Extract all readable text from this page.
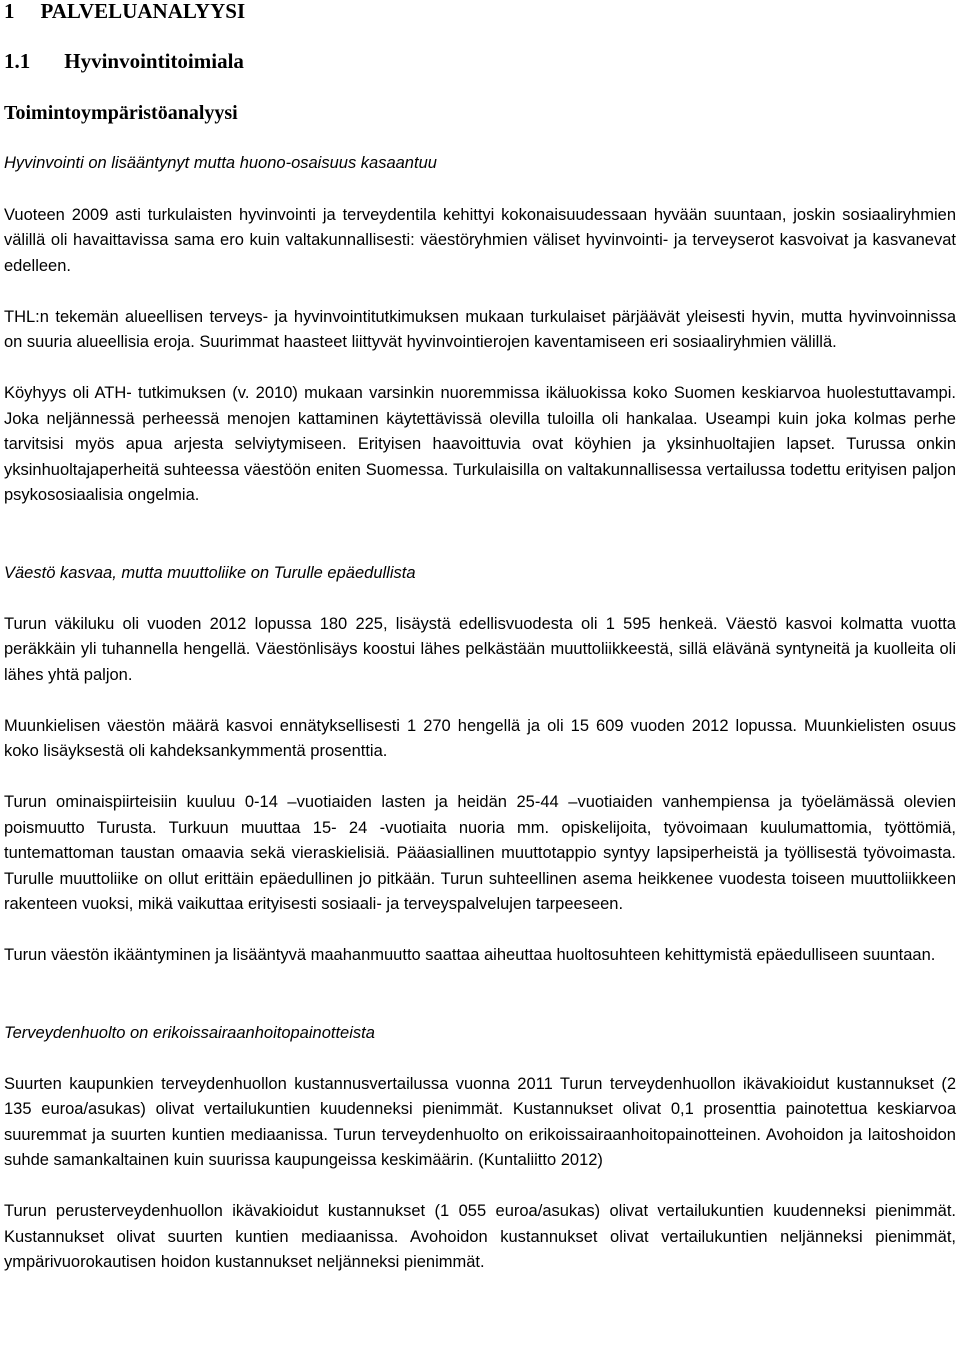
1 PALVELUANALYYSI
1.1 Hyvinvointitoimiala
Toimintoympäristöanalyysi
Hyvinvointi on lisääntynyt mutta huono-osaisuus kasaantuu

Vuoteen 2009 asti turkulaisten hyvinvointi ja terveydentila kehittyi kokonaisuudessaan hyvään suuntaan, joskin sosiaaliryhmien välillä oli havaittavissa sama ero kuin valtakunnallisesti: väestöryhmien väliset hyvinvointi- ja terveyserot kasvoivat ja kasvanevat edelleen.

THL:n tekemän alueellisen terveys- ja hyvinvointitutkimuksen mukaan turkulaiset pärjäävät yleisesti hyvin, mutta hyvinvoinnissa on suuria alueellisia eroja. Suurimmat haasteet liittyvät hyvinvointierojen kaventamiseen eri sosiaaliryhmien välillä.

Köyhyys oli ATH- tutkimuksen (v. 2010) mukaan varsinkin nuoremmissa ikäluokissa koko Suomen keskiarvoa huolestuttavampi. Joka neljännessä perheessä menojen kattaminen käytettävissä olevilla tuloilla oli hankalaa. Useampi kuin joka kolmas perhe tarvitsisi myös apua arjesta selviytymiseen. Erityisen haavoittuvia ovat köyhien ja yksinhuoltajien lapset. Turussa onkin yksinhuoltajaperheitä suhteessa väestöön eniten Suomessa. Turkulaisilla on valtakunnallisessa vertailussa todettu erityisen paljon psykososiaalisia ongelmia.

Väestö kasvaa, mutta muuttoliike on Turulle epäedullista

Turun väkiluku oli vuoden 2012 lopussa 180 225, lisäystä edellisvuodesta oli 1 595 henkeä. Väestö kasvoi kolmatta vuotta peräkkäin yli tuhannella hengellä. Väestönlisäys koostui lähes pelkästään muuttoliikkeestä, sillä elävänä syntyneitä ja kuolleita oli lähes yhtä paljon.

Muunkielisen väestön määrä kasvoi ennätyksellisesti 1 270 hengellä ja oli 15 609 vuoden 2012 lopussa. Muunkielisten osuus koko lisäyksestä oli kahdeksankymmentä prosenttia.

Turun ominaispiirteisiin kuuluu 0-14 –vuotiaiden lasten ja heidän 25-44 –vuotiaiden vanhempiensa ja työelämässä olevien poismuutto Turusta. Turkuun muuttaa 15- 24 -vuotiaita nuoria mm. opiskelijoita, työvoimaan kuulumattomia, työttömiä, tuntemattoman taustan omaavia sekä vieraskielisiä. Pääasiallinen muuttotappio syntyy lapsiperheistä ja työllisestä työvoimasta. Turulle muuttoliike on ollut erittäin epäedullinen jo pitkään. Turun suhteellinen asema heikkenee vuodesta toiseen muuttoliikkeen rakenteen vuoksi, mikä vaikuttaa erityisesti sosiaali- ja terveyspalvelujen tarpeeseen.

Turun väestön ikääntyminen ja lisääntyvä maahanmuutto saattaa aiheuttaa huoltosuhteen kehittymistä epäedulliseen suuntaan.

Terveydenhuolto on erikoissairaanhoitopainotteista

Suurten kaupunkien terveydenhuollon kustannusvertailussa vuonna 2011 Turun terveydenhuollon ikävakioidut kustannukset (2 135 euroa/asukas) olivat vertailukuntien kuudenneksi pienimmät. Kustannukset olivat 0,1 prosenttia painotettua keskiarvoa suuremmat ja suurten kuntien mediaanissa. Turun terveydenhuolto on erikoissairaanhoitopainotteinen. Avohoidon ja laitoshoidon suhde samankaltainen kuin suurissa kaupungeissa keskimäärin. (Kuntaliitto 2012)

Turun perusterveydenhuollon ikävakioidut kustannukset (1 055 euroa/asukas) olivat vertailukuntien kuudenneksi pienimmät. Kustannukset olivat suurten kuntien mediaanissa. Avohoidon kustannukset olivat vertailukuntien neljänneksi pienimmät, ympärivuorokautisen hoidon kustannukset neljänneksi pienimmät.
